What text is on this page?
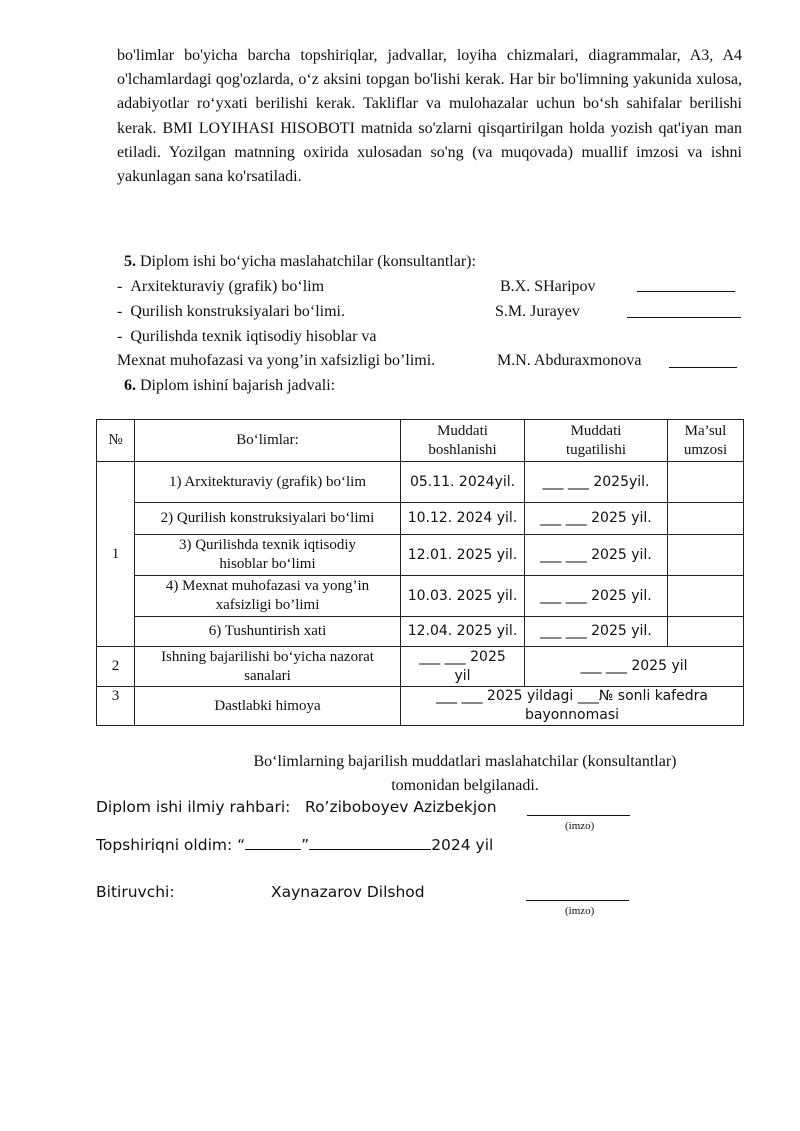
bo'limlar bo'yicha barcha topshiriqlar, jadvallar, loyiha chizmalari, diagrammalar, A3, A4 o'lchamlardagi qog'ozlarda, o‘z aksini topgan bo'lishi kerak. Har bir bo'limning yakunida xulosa, adabiyotlar ro‘yxati berilishi kerak. Takliflar va mulohazalar uchun bo‘sh sahifalar berilishi kerak. BMI LOYIHASI HISOBOTI matnida so'zlarni qisqartirilgan holda yozish qat'iyan man etiladi. Yozilgan matnning oxirida xulosadan so'ng (va muqovada) muallif imzosi va ishni yakunlagan sana ko'rsatiladi.

5. Diplom ishi bo‘yicha maslahatchilar (konsultantlar):
- Arxitekturaviy (grafik) bo‘lim	B.X. SHaripov
- Qurilish konstruksiyalari bo‘limi.	S.M. Jurayev
- Qurilishda texnik iqtisodiy hisoblar va
Mexnat muhofazasi va yong’in xafsizligi bo’limi.	M.N. Abduraxmonova
6. Diplom ishiní bajarish jadvali:
№	Bo‘limlar:	Muddati
boshlanishi	Muddati
tugatilishi	Ma’sul
umzosi
1	1) Arxitekturaviy (grafik) bo‘lim	05.11. 2024yil.	___ ___ 2025yil.	
	2) Qurilish konstruksiyalari bo‘limi	10.12. 2024 yil.	___ ___ 2025 yil.	
	3) Qurilishda texnik iqtisodiy
hisoblar bo‘limi	12.01. 2025 yil.	___ ___ 2025 yil.	
	4) Mexnat muhofazasi va yong’in
xafsizligi bo’limi	10.03. 2025 yil.	___ ___ 2025 yil.	
	6) Tushuntirish xati	12.04. 2025 yil.	___ ___ 2025 yil.	
2	Ishning bajarilishi bo‘yicha nazorat
sanalari	___ ___ 2025
yil	___ ___ 2025 yil	
3	Dastlabki himoya	___ ___ 2025 yildagi ___№ sonli kafedra
bayonnomasi		
Bo‘limlarning bajarilish muddatlari maslahatchilar (konsultantlar)
tomonidan belgilanadi.
Diplom ishi ilmiy rahbari: Ro’ziboboyev Azizbekjon
(imzo)
Topshiriqni oldim: “	”	2024 yil
Bitiruvchi:	Xaynazarov Dilshod
(imzo)
